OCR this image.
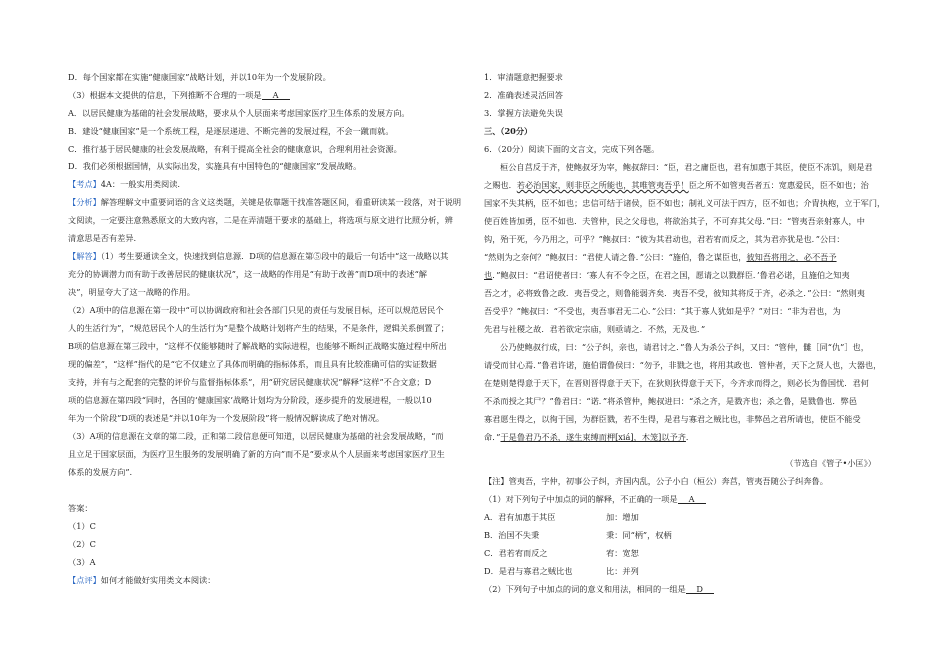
D．每个国家都在实施“健康国家”战略计划，并以10年为一个发展阶段。
（3）根据本文提供的信息，下列推断不合理的一项是 A
A．以居民健康为基础的社会发展战略，要求从个人层面来考虑国家医疗卫生体系的发展方向。
B．建设“健康国家”是一个系统工程，是逐层递进、不断完善的发展过程，不会一蹴而就。
C．推行基于居民健康的社会发展战略，有利于提高全社会的健康意识，合理利用社会资源。
D．我们必须根据国情，从实际出发，实施具有中国特色的“健康国家”发展战略。
【考点】4A：一般实用类阅读.
【分析】解答理解文中重要词语的含义这类题，关键是依靠题干找准答题区间，看重研读某一段落，对于说明
文阅读，一定要注意熟悉原文的大致内容，二是在弄清题干要求的基础上，将选项与原文进行比照分析，辨
清意思是否有差异.
【解答】（1）考生要通读全文，快速找到信息源．D项的信息源在第⑤段中的最后一句话中“这一战略以其
充分的协调潜力而有助于改善居民的健康状况”，这一战略的作用是“有助于改善”而D项中的表述“解
决”，明显夸大了这一战略的作用。
（2）A项中的信息源在第一段中“可以协调政府和社会各部门只见的责任与发展目标，还可以规范居民个
人的生活行为”，“规范居民个人的生活行为”是整个战略计划将产生的结果，不是条件，逻辑关系倒置了；
B项的信息源在第三段中，“这样不仅能够随时了解战略的实际进程，也能够不断纠正战略实施过程中所出
现的偏差”，“这样”指代的是“它不仅建立了具体而明确的指标体系，而且具有比较准确可信的实证数据
支持，并有与之配套的完整的评价与监督指标体系”，用“研究居民健康状况”解释“这样”不合文意；D
项的信息源在第四段“同时，各国的‘健康国家’战略计划均为分阶段，逐步提升的发展进程，一般以10
年为一个阶段”D项的表述是“并以10年为一个发展阶段”将一般情况解读成了绝对情况。
（3）A项的信息源在文章的第二段，正和第二段信息便可知道，以居民健康为基础的社会发展战略，“而
且立足于国家层面，为医疗卫生服务的发展明确了新的方向”而不是“要求从个人层面来考虑国家医疗卫生
体系的发展方向”.
答案：
（1）C
（2）C
（3）A
【点评】如何才能做好实用类文本阅读：
1．审清题意把握要求
2．准确表述灵活回答
3．掌握方法避免失误
三、（20分）
6．（20分）阅读下面的文言文，完成下列各题。
桓公自莒反于齐，使鲍叔牙为宰，鲍叔辞曰：“臣，君之庸臣也，君有加惠于其臣，使臣不冻饥，则是君
之赐也．若必治国家，则非臣之所能也，其唯管夷吾乎！臣之所不如管夷吾者五：宽惠爱民，臣不如也；治
国家不失其柄，臣不如也；忠信可结于诸侯，臣不如也；制礼义可法于四方，臣不如也；介胄执枹，立于军门，
使百姓皆加勇，臣不如也．夫管仲，民之父母也，将欲治其子，不可弃其父母．”曰：“管夷吾亲射寡人，中
钩，殆于死，今乃用之，可乎？”鲍叔曰：“彼为其君动也，君若宥而反之，其为君亦犹是也．”公曰：
“然则为之奈何？”鲍叔曰：“君使人请之鲁．”公曰：“施伯，鲁之谋臣也，彼知吾将用之，必不吾予
也．”鲍叔曰：“君诏使者曰：‘寡人有不令之臣，在君之国，愿请之以戮群臣．’鲁君必诺，且施伯之知夷
吾之才，必将致鲁之政．夷吾受之，则鲁能弱齐矣．夷吾不受，彼知其将反于齐，必杀之．”公曰：“然则夷
吾受乎？”鲍叔曰：“不受也，夷吾事君无二心．”公曰：“其于寡人犹如是乎？”对曰：“非为君也，为
先君与社稷之故．君若欲定宗庙，则亟请之．不然，无及也．”
公乃使鲍叔行成，曰：“公子纠，亲也，请君讨之．”鲁人为杀公子纠，又曰：“管仲，雠［同“仇”］也，
请受而甘心焉．”鲁君许诺，施伯谓鲁侯曰：“勿予，非戮之也，将用其政也．管仲者，天下之贤人也，大器也，
在楚则楚得意于天下，在晋则晋得意于天下，在狄则狄得意于天下，今齐求而得之，则必长为鲁国忧．君何
不杀而授之其尸？”鲁君曰：“诺．”将杀管仲，鲍叔进曰：“杀之齐，是戮齐也；杀之鲁，是戮鲁也．弊邑
寡君愿生得之，以徇于国，为群臣戮，若不生得，是君与寡君之贼比也，非弊邑之君所请也，使臣不能受
命．”于是鲁君乃不杀，遂生束缚而柙[xiá]，木笼]以予齐．
（节选自《管子•小匡》）
【注】管夷吾，字仲，初事公子纠，齐国内乱，公子小白（桓公）奔莒，管夷吾随公子纠奔鲁。
（1）对下列句子中加点的词的解释，不正确的一项是 A
A．君有加惠于其臣	加：增加
B．治国不失秉	秉：同“柄”，权柄
C．君若宥而反之	宥：宽恕
D．是君与寡君之贼比也	比：并列
（2）下列句子中加点的词的意义和用法，相同的一组是 D
